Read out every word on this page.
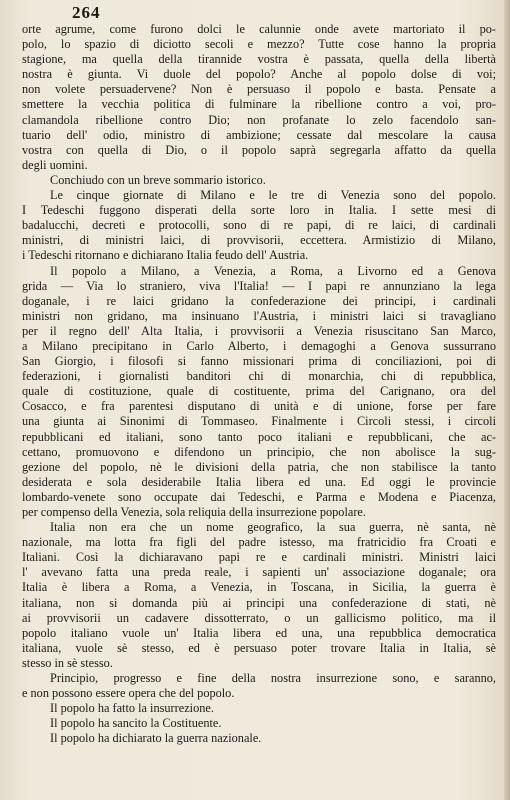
264
orte agrume, come furono dolci le calunnie onde avete martoriato il po-
polo, lo spazio di diciotto secoli e mezzo? Tutte cose hanno la propria
stagione, ma quella della tirannide vostra è passata, quella della libertà
nostra è giunta. Vi duole del popolo? Anche al popolo dolse di voi;
non volete persuadervene? Non è persuaso il popolo e basta. Pensate a
smettere la vecchia politica di fulminare la ribellione contro a voi, pro-
clamandola ribellione contro Dio; non profanate lo zelo facendolo san-
tuario dell' odio, ministro di ambizione; cessate dal mescolare la causa
vostra con quella di Dio, o il popolo saprà segregarla affatto da quella
degli uomini.
Conchiudo con un breve sommario istorico.
Le cinque giornate di Milano e le tre di Venezia sono del popolo.
I Tedeschi fuggono disperati della sorte loro in Italia. I sette mesi di
badalucchi, decreti e protocolli, sono di re papi, di re laici, di cardinali
ministri, di ministri laici, di provvisorii, eccettera. Armistizio di Milano,
i Tedeschi ritornano e dichiarano Italia feudo dell' Austria.
Il popolo a Milano, a Venezia, a Roma, a Livorno ed a Genova
grida — Via lo straniero, viva l'Italia! — I papi re annunziano la lega
doganale, i re laici gridano la confederazione dei principi, i cardinali
ministri non gridano, ma insinuano l'Austria, i ministri laici si travagliano
per il regno dell' Alta Italia, i provvisorii a Venezia risuscitano San Marco,
a Milano precipitano in Carlo Alberto, i demagoghi a Genova sussurrano
San Giorgio, i filosofi si fanno missionari prima di conciliazioni, poi di
federazioni, i giornalisti banditori chi di monarchia, chi di repubblica,
quale di costituzione, quale di costituente, prima del Carignano, ora del
Cosacco, e fra parentesi disputano di unità e di unione, forse per fare
una giunta ai Sinonimi di Tommaseo. Finalmente i Circoli stessi, i circoli
repubblicani ed italiani, sono tanto poco italiani e repubblicani, che ac-
cettano, promuovono e difendono un principio, che non abolisce la sug-
gezione del popolo, nè le divisioni della patria, che non stabilisce la tanto
desiderata e sola desiderabile Italia libera ed una. Ed oggi le provincie
lombardo-venete sono occupate dai Tedeschi, e Parma e Modena e Piacenza,
per compenso della Venezia, sola reliquia della insurrezione popolare.
Italia non era che un nome geografico, la sua guerra, nè santa, nè
nazionale, ma lotta fra figli del padre istesso, ma fratricidio fra Croati e
Italiani. Così la dichiaravano papi re e cardinali ministri. Ministri laici
l' avevano fatta una preda reale, i sapienti un' associazione doganale; ora
Italia è libera a Roma, a Venezia, in Toscana, in Sicilia, la guerra è
italiana, non si domanda più ai principi una confederazione di stati, nè
ai provvisorii un cadavere dissotterrato, o un gallicismo politico, ma il
popolo italiano vuole un' Italia libera ed una, una repubblica democratica
italiana, vuole sè stesso, ed è persuaso poter trovare Italia in Italia, sè
stesso in sè stesso.
Principio, progresso e fine della nostra insurrezione sono, e saranno,
e non possono essere opera che del popolo.
Il popolo ha fatto la insurrezione.
Il popolo ha sancito la Costituente.
Il popolo ha dichiarato la guerra nazionale.
